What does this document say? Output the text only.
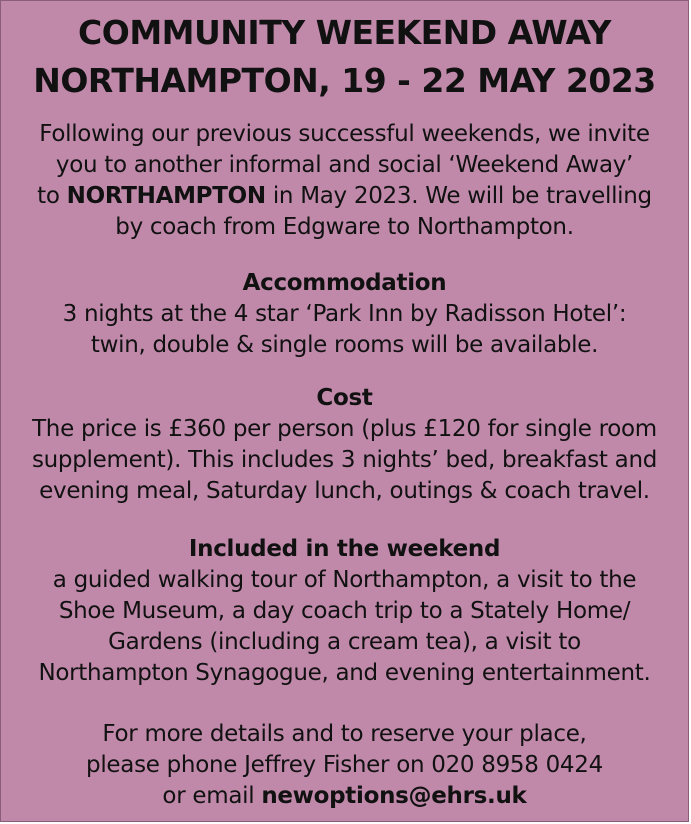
COMMUNITY WEEKEND AWAY
NORTHAMPTON, 19 - 22 MAY 2023
Following our previous successful weekends, we invite
you to another informal and social ‘Weekend Away’
to NORTHAMPTON in May 2023. We will be travelling
by coach from Edgware to Northampton.
Accommodation
3 nights at the 4 star ‘Park Inn by Radisson Hotel’:
twin, double & single rooms will be available.
Cost
The price is £360 per person (plus £120 for single room
supplement). This includes 3 nights’ bed, breakfast and
evening meal, Saturday lunch, outings & coach travel.
Included in the weekend
a guided walking tour of Northampton, a visit to the
Shoe Museum, a day coach trip to a Stately Home/
Gardens (including a cream tea), a visit to
Northampton Synagogue, and evening entertainment.
For more details and to reserve your place,
please phone Jeffrey Fisher on 020 8958 0424
or email newoptions@ehrs.uk
